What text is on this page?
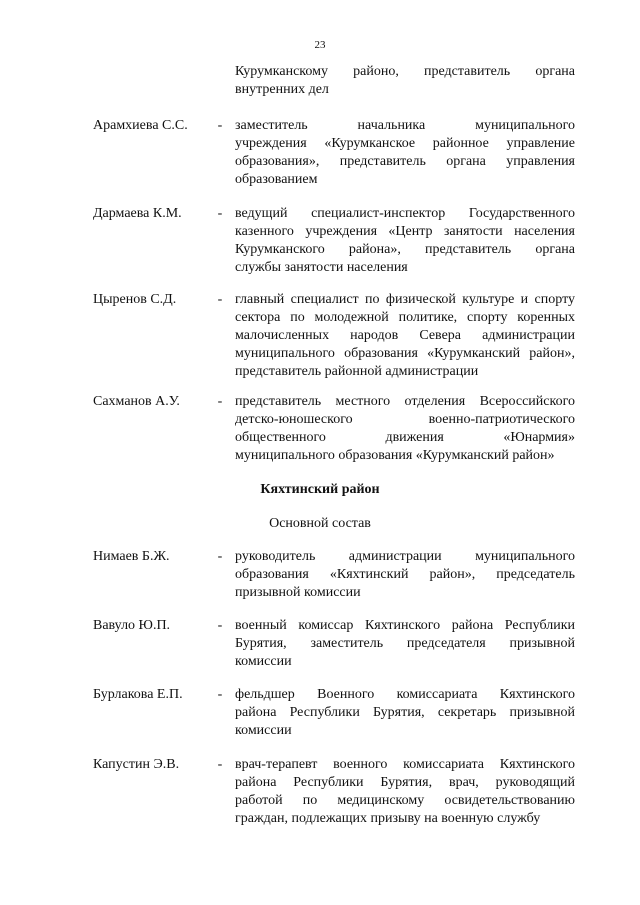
23
Курумканскому районо, представитель органа
внутренних дел
Арамхиева С.С.	- заместитель начальника муниципального
учреждения «Курумканское районное управление
образования», представитель органа управления
образованием
Дармаева К.М.	- ведущий специалист-инспектор Государственного
казенного учреждения «Центр занятости населения
Курумканского района», представитель органа
службы занятости населения
Цыренов С.Д.	- главный специалист по физической культуре и спорту
сектора по молодежной политике, спорту коренных
малочисленных народов Севера администрации
муниципального образования «Курумканский район»,
представитель районной администрации
Сахманов А.У.	- представитель местного отделения Всероссийского
детско-юношеского военно-патриотического
общественного движения «Юнармия»
муниципального образования «Курумканский район»
Кяхтинский район
Основной состав
Нимаев Б.Ж.	- руководитель администрации муниципального
образования «Кяхтинский район», председатель
призывной комиссии
Вавуло Ю.П.	- военный комиссар Кяхтинского района Республики
Бурятия, заместитель председателя призывной
комиссии
Бурлакова Е.П.	- фельдшер Военного комиссариата Кяхтинского
района Республики Бурятия, секретарь призывной
комиссии
Капустин Э.В.	- врач-терапевт военного комиссариата Кяхтинского
района Республики Бурятия, врач, руководящий
работой по медицинскому освидетельствованию
граждан, подлежащих призыву на военную службу
